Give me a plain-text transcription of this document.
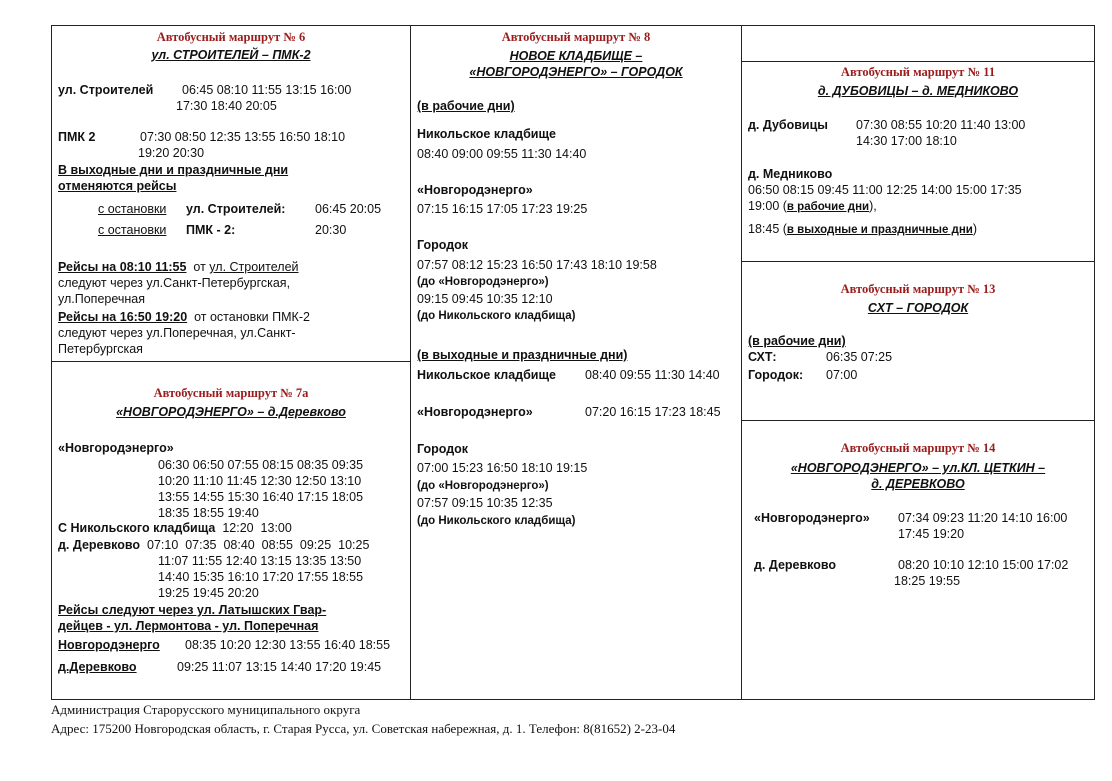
Автобусный маршрут № 6
ул. СТРОИТЕЛЕЙ – ПМК-2
ул. Строителей 06:45 08:10 11:55 13:15 16:00
17:30 18:40 20:05
ПМК 2	07:30 08:50 12:35 13:55 16:50 18:10
19:20 20:30
В выходные дни и праздничные дни
отменяются рейсы
с остановки ул. Строителей: 06:45 20:05
с остановки ПМК - 2:	20:30
Рейсы на 08:10 11:55  от ул. Строителей
следуют через ул.Санкт-Петербургская,
ул.Поперечная
Рейсы на 16:50 19:20  от остановки ПМК-2
следуют через ул.Поперечная, ул.Санкт-
Петербургская
Автобусный маршрут № 7а
«НОВГОРОДЭНЕРГО» – д.Деревково
«Новгородэнерго»
06:30 06:50 07:55 08:15 08:35 09:35
10:20 11:10 11:45 12:30 12:50 13:10
13:55 14:55 15:30 16:40 17:15 18:05
18:35 18:55 19:40
С Никольского кладбища  12:20  13:00
д. Деревково  07:10  07:35  08:40  08:55  09:25  10:25
11:07 11:55 12:40 13:15 13:35 13:50
14:40 15:35 16:10 17:20 17:55 18:55
19:25 19:45 20:20
Рейсы следуют через ул. Латышских Гвар-
дейцев - ул. Лермонтова - ул. Поперечная
Новгородэнерго 08:35 10:20 12:30 13:55 16:40 18:55
д.Деревково	09:25 11:07 13:15 14:40 17:20 19:45
Автобусный маршрут № 8
НОВОЕ КЛАДБИЩЕ –
«НОВГОРОДЭНЕРГО» – ГОРОДОК
(в рабочие дни)
Никольское кладбище
08:40 09:00 09:55 11:30 14:40
«Новгородэнерго»
07:15 16:15 17:05 17:23 19:25
Городок
07:57 08:12 15:23 16:50 17:43 18:10 19:58
(до «Новгородэнерго»)
09:15 09:45 10:35 12:10
(до Никольского кладбища)
(в выходные и праздничные дни)
Никольское кладбище 08:40 09:55 11:30 14:40
«Новгородэнерго»	07:20 16:15 17:23 18:45
Городок
07:00 15:23 16:50 18:10 19:15
(до «Новгородэнерго»)
07:57 09:15 10:35 12:35
(до Никольского кладбища)
Автобусный маршрут № 11
д. ДУБОВИЦЫ – д. МЕДНИКОВО
д. Дубовицы 07:30 08:55 10:20 11:40 13:00
14:30 17:00 18:10
д. Медниково
06:50 08:15 09:45 11:00 12:25 14:00 15:00 17:35
19:00 (в рабочие дни),
18:45 (в выходные и праздничные дни)
Автобусный маршрут № 13
СХТ – ГОРОДОК
(в рабочие дни)
СХТ:	06:35 07:25
Городок: 07:00
Автобусный маршрут № 14
«НОВГОРОДЭНЕРГО» – ул.КЛ. ЦЕТКИН –
д. ДЕРЕВКОВО
«Новгородэнерго» 07:34 09:23 11:20 14:10 16:00
17:45 19:20
д. Деревково	08:20 10:10 12:10 15:00 17:02
18:25 19:55
Администрация Старорусского муниципального округа
Адрес: 175200 Новгородская область, г. Старая Русса, ул. Советская набережная, д. 1. Телефон: 8(81652) 2-23-04
